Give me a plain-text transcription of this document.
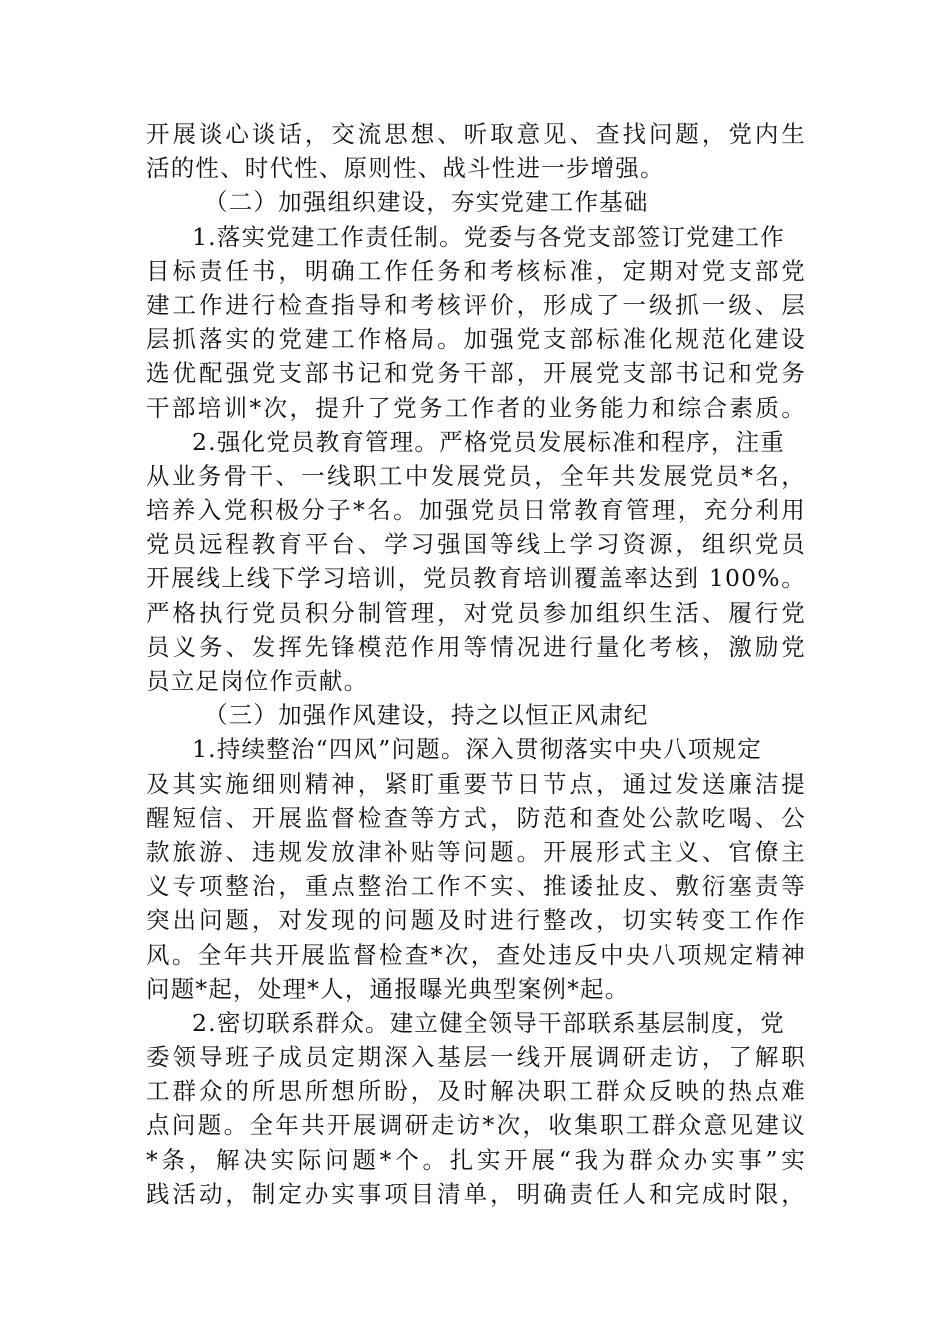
开展谈心谈话，交流思想、听取意见、查找问题，党内生
活的性、时代性、原则性、战斗性进一步增强。
（二）加强组织建设，夯实党建工作基础
1.落实党建工作责任制。党委与各党支部签订党建工作
目标责任书，明确工作任务和考核标准，定期对党支部党
建工作进行检查指导和考核评价，形成了一级抓一级、层
层抓落实的党建工作格局。加强党支部标准化规范化建设
选优配强党支部书记和党务干部，开展党支部书记和党务
干部培训*次，提升了党务工作者的业务能力和综合素质。
2.强化党员教育管理。严格党员发展标准和程序，注重
从业务骨干、一线职工中发展党员，全年共发展党员*名，
培养入党积极分子*名。加强党员日常教育管理，充分利用
党员远程教育平台、学习强国等线上学习资源，组织党员
开展线上线下学习培训，党员教育培训覆盖率达到 100%。
严格执行党员积分制管理，对党员参加组织生活、履行党
员义务、发挥先锋模范作用等情况进行量化考核，激励党
员立足岗位作贡献。
（三）加强作风建设，持之以恒正风肃纪
1.持续整治“四风”问题。深入贯彻落实中央八项规定
及其实施细则精神，紧盯重要节日节点，通过发送廉洁提
醒短信、开展监督检查等方式，防范和查处公款吃喝、公
款旅游、违规发放津补贴等问题。开展形式主义、官僚主
义专项整治，重点整治工作不实、推诿扯皮、敷衍塞责等
突出问题，对发现的问题及时进行整改，切实转变工作作
风。全年共开展监督检查*次，查处违反中央八项规定精神
问题*起，处理*人，通报曝光典型案例*起。
2.密切联系群众。建立健全领导干部联系基层制度，党
委领导班子成员定期深入基层一线开展调研走访，了解职
工群众的所思所想所盼，及时解决职工群众反映的热点难
点问题。全年共开展调研走访*次，收集职工群众意见建议
*条，解决实际问题*个。扎实开展“我为群众办实事”实
践活动，制定办实事项目清单，明确责任人和完成时限，
